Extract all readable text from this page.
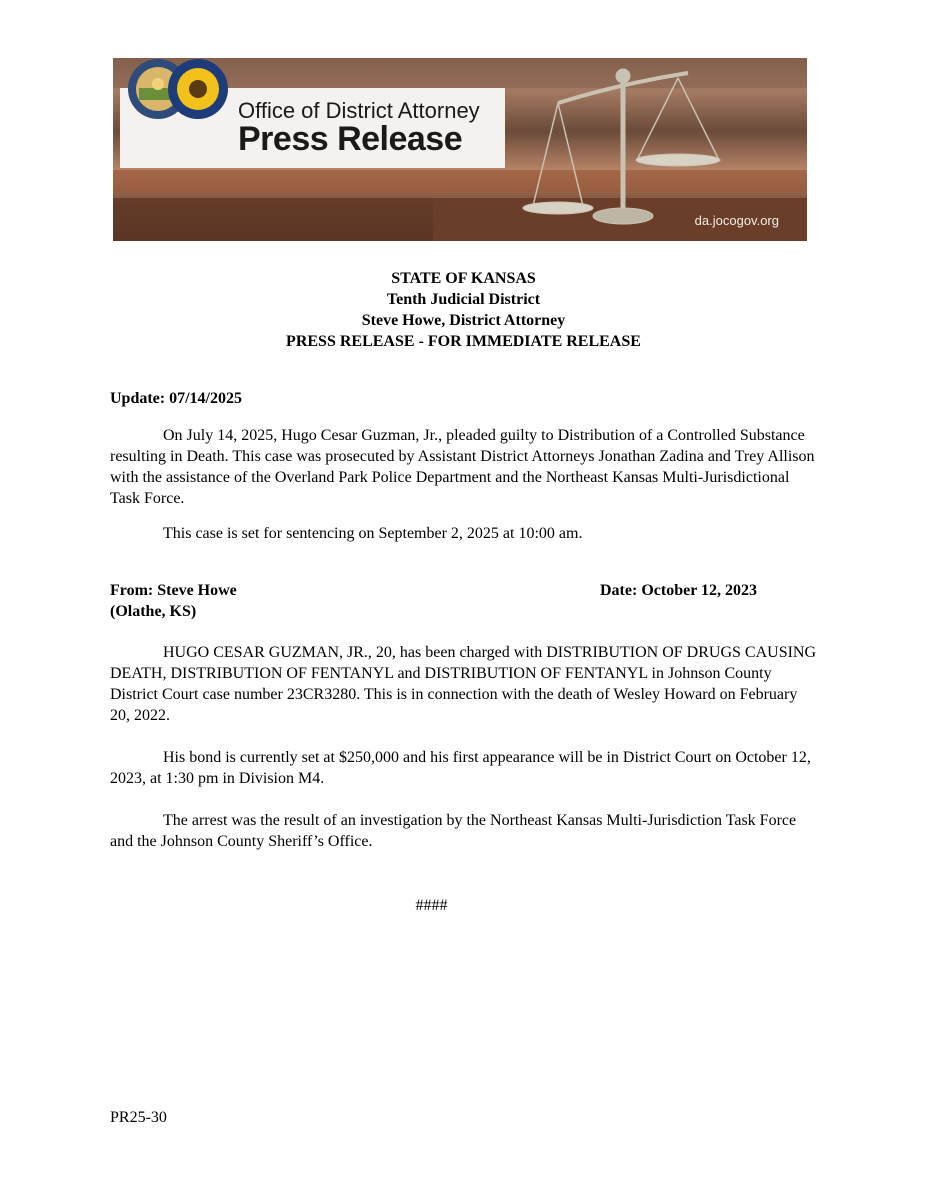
Office of District Attorney
Press Release
da.jocogov.org
STATE OF KANSAS
Tenth Judicial District
Steve Howe, District Attorney
PRESS RELEASE - FOR IMMEDIATE RELEASE
Update: 07/14/2025

On July 14, 2025, Hugo Cesar Guzman, Jr., pleaded guilty to Distribution of a Controlled Substance resulting in Death. This case was prosecuted by Assistant District Attorneys Jonathan Zadina and Trey Allison with the assistance of the Overland Park Police Department and the Northeast Kansas Multi-Jurisdictional Task Force.

This case is set for sentencing on September 2, 2025 at 10:00 am.

From: Steve Howe	Date: October 12, 2023
(Olathe, KS)

HUGO CESAR GUZMAN, JR., 20, has been charged with DISTRIBUTION OF DRUGS CAUSING DEATH, DISTRIBUTION OF FENTANYL and DISTRIBUTION OF FENTANYL in Johnson County District Court case number 23CR3280. This is in connection with the death of Wesley Howard on February 20, 2022.

His bond is currently set at $250,000 and his first appearance will be in District Court on October 12, 2023, at 1:30 pm in Division M4.

The arrest was the result of an investigation by the Northeast Kansas Multi-Jurisdiction Task Force and the Johnson County Sheriff’s Office.

####
PR25-30
